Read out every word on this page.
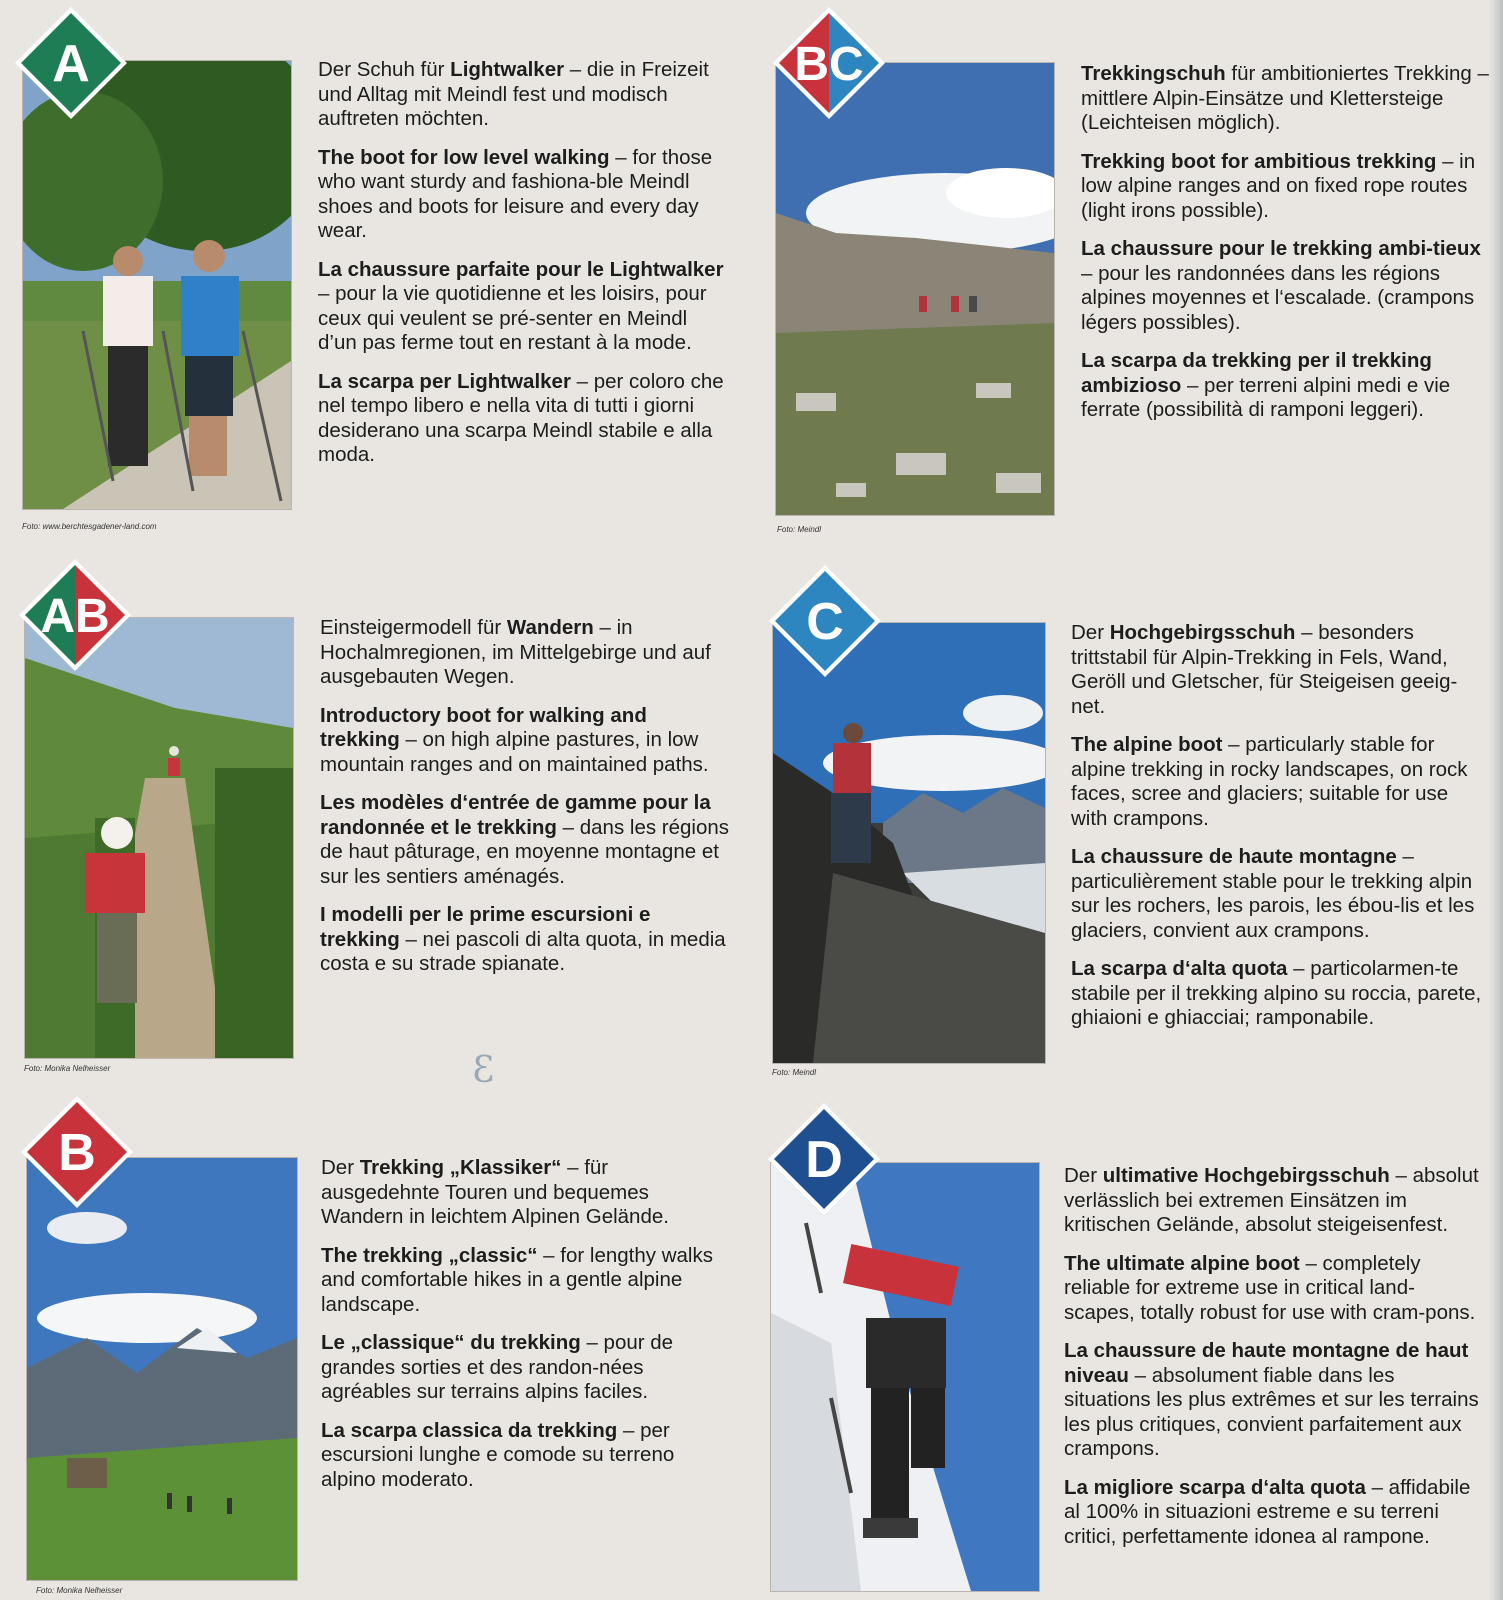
Foto: www.berchtesgadener-land.com
A	Der Schuh für Lightwalker – die in Freizeit und Alltag mit Meindl fest und modisch auftreten möchten.

The boot for low level walking – for those who want sturdy and fashiona-ble Meindl shoes and boots for leisure and every day wear.

La chaussure parfaite pour le Lightwalker – pour la vie quotidienne et les loisirs, pour ceux qui veulent se pré-senter en Meindl d’un pas ferme tout en restant à la mode.

La scarpa per Lightwalker – per coloro che nel tempo libero e nella vita di tutti i giorni desiderano una scarpa Meindl stabile e alla moda.

Foto: Meindl
BC	Trekkingschuh für ambitioniertes Trekking – mittlere Alpin-Einsätze und Klettersteige (Leichteisen möglich).

Trekking boot for ambitious trekking – in low alpine ranges and on fixed rope routes (light irons possible).

La chaussure pour le trekking ambi-tieux – pour les randonnées dans les régions alpines moyennes et l‘escalade. (crampons légers possibles).

La scarpa da trekking per il trekking ambizioso – per terreni alpini medi e vie ferrate (possibilità di ramponi leggeri).

Foto: Monika Nelheisser
AB	Einsteigermodell für Wandern – in Hochalmregionen, im Mittelgebirge und auf ausgebauten Wegen.

Introductory boot for walking and trekking – on high alpine pastures, in low mountain ranges and on maintained paths.

Les modèles d‘entrée de gamme pour la randonnée et le trekking – dans les régions de haut pâturage, en moyenne montagne et sur les sentiers aménagés.

I modelli per le prime escursioni e trekking – nei pascoli di alta quota, in media costa e su strade spianate.

3	Foto: Meindl
C	Der Hochgebirgsschuh – besonders trittstabil für Alpin-Trekking in Fels, Wand, Geröll und Gletscher, für Steigeisen geeig-net.

The alpine boot – particularly stable for alpine trekking in rocky landscapes, on rock faces, scree and glaciers; suitable for use with crampons.

La chaussure de haute montagne – particulièrement stable pour le trekking alpin sur les rochers, les parois, les ébou-lis et les glaciers, convient aux crampons.

La scarpa d‘alta quota – particolarmen-te stabile per il trekking alpino su roccia, parete, ghiaioni e ghiacciai; ramponabile.

Foto: Monika Nelheisser
B	Der Trekking „Klassiker“ – für ausgedehnte Touren und bequemes Wandern in leichtem Alpinen Gelände.

The trekking „classic“ – for lengthy walks and comfortable hikes in a gentle alpine landscape.

Le „classique“ du trekking – pour de grandes sorties et des randon-nées agréables sur terrains alpins faciles.

La scarpa classica da trekking – per escursioni lunghe e comode su terreno alpino moderato.

D	Der ultimative Hochgebirgsschuh – absolut verlässlich bei extremen Einsätzen im kritischen Gelände, absolut steigeisenfest.

The ultimate alpine boot – completely reliable for extreme use in critical land-scapes, totally robust for use with cram-pons.

La chaussure de haute montagne de haut niveau – absolument fiable dans les situations les plus extrêmes et sur les terrains les plus critiques, convient parfaitement aux crampons.

La migliore scarpa d‘alta quota – affidabile al 100% in situazioni estreme e su terreni critici, perfettamente idonea al rampone.
